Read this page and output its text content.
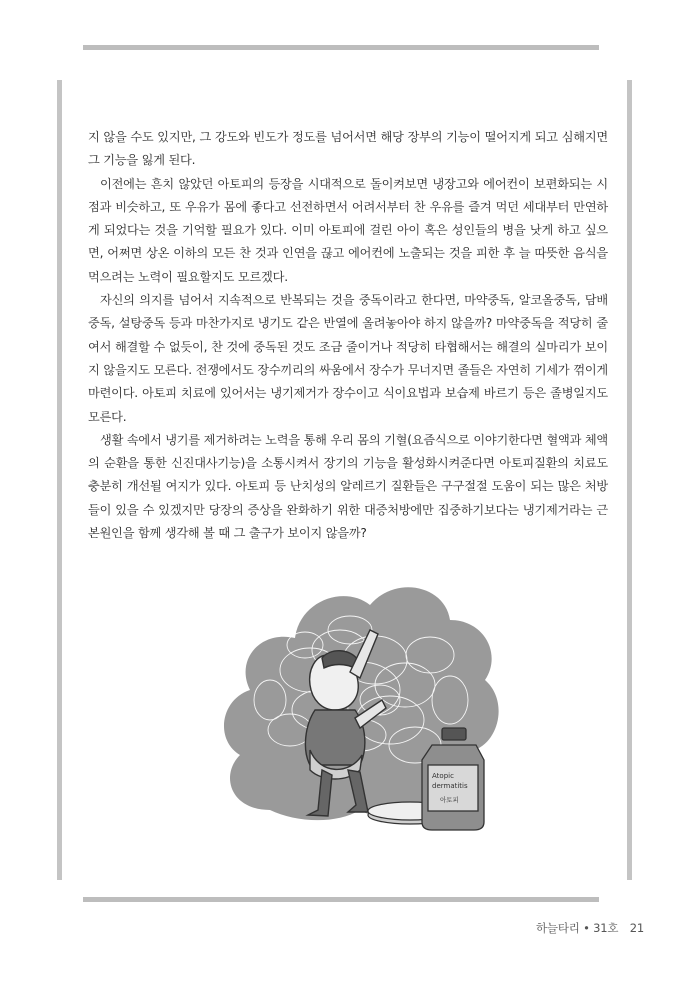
지 않을 수도 있지만, 그 강도와 빈도가 정도를 넘어서면 해당 장부의 기능이 떨어지게 되고 심해지면 그 기능을 잃게 된다.

이전에는 흔치 않았던 아토피의 등장을 시대적으로 돌이켜보면 냉장고와 에어컨이 보편화되는 시점과 비슷하고, 또 우유가 몸에 좋다고 선전하면서 어려서부터 찬 우유를 즐겨 먹던 세대부터 만연하게 되었다는 것을 기억할 필요가 있다. 이미 아토피에 걸린 아이 혹은 성인들의 병을 낫게 하고 싶으면, 어쩌면 상온 이하의 모든 찬 것과 인연을 끊고 에어컨에 노출되는 것을 피한 후 늘 따뜻한 음식을 먹으려는 노력이 필요할지도 모르겠다.

자신의 의지를 넘어서 지속적으로 반복되는 것을 중독이라고 한다면, 마약중독, 알코올중독, 담배중독, 설탕중독 등과 마찬가지로 냉기도 같은 반열에 올려놓아야 하지 않을까? 마약중독을 적당히 줄여서 해결할 수 없듯이, 찬 것에 중독된 것도 조금 줄이거나 적당히 타협해서는 해결의 실마리가 보이지 않을지도 모른다. 전쟁에서도 장수끼리의 싸움에서 장수가 무너지면 졸들은 자연히 기세가 꺾이게 마련이다. 아토피 치료에 있어서는 냉기제거가 장수이고 식이요법과 보습제 바르기 등은 졸병일지도 모른다.

생활 속에서 냉기를 제거하려는 노력을 통해 우리 몸의 기혈(요즘식으로 이야기한다면 혈액과 체액의 순환을 통한 신진대사기능)을 소통시켜서 장기의 기능을 활성화시켜준다면 아토피질환의 치료도 충분히 개선될 여지가 있다. 아토피 등 난치성의 알레르기 질환들은 구구절절 도움이 되는 많은 처방들이 있을 수 있겠지만 당장의 증상을 완화하기 위한 대증처방에만 집중하기보다는 냉기제거라는 근본원인을 함께 생각해 볼 때 그 출구가 보이지 않을까?

Atopic
dermatitis
아토피
하늘타리 • 31호 21
